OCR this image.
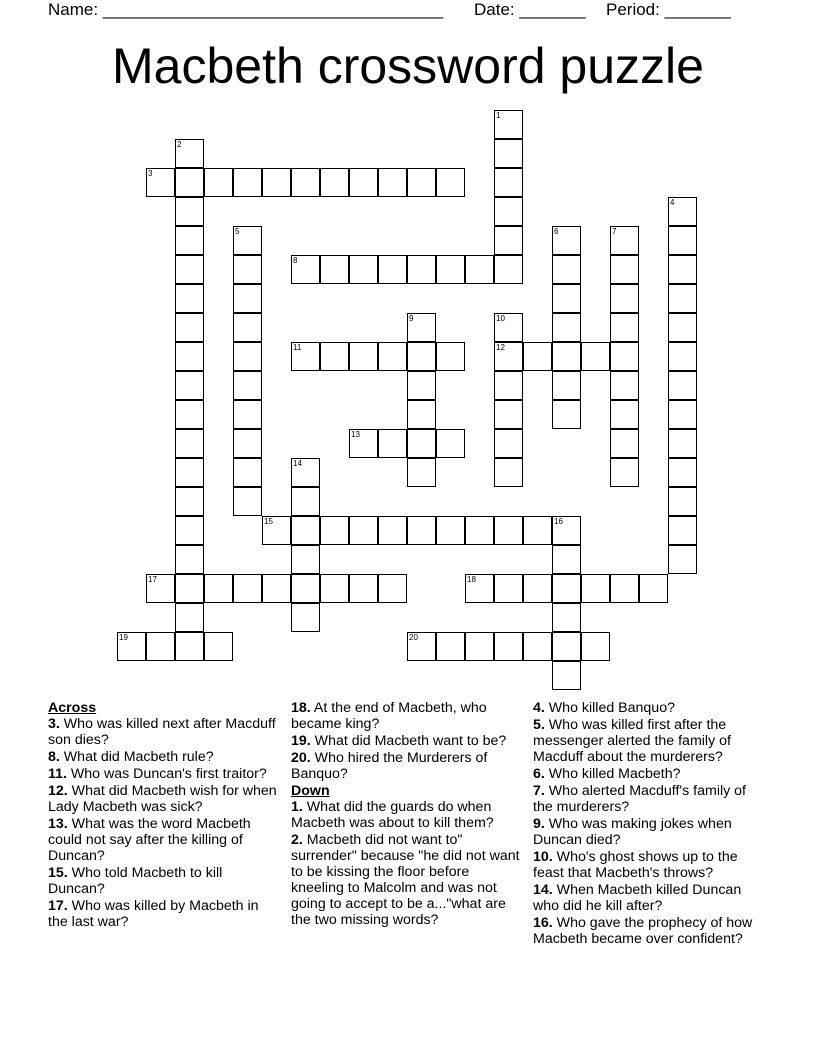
Name: ____________________________________ Date: _______ Period: _______
Macbeth crossword puzzle
1
2
3
4
5	6	7
8
9	10
12
11
13
14
15	16
17	18
19	20
Across
3. Who was killed next after Macduff son dies?
8. What did Macbeth rule?
11. Who was Duncan's first traitor?
12. What did Macbeth wish for when Lady Macbeth was sick?
13. What was the word Macbeth could not say after the killing of Duncan?
15. Who told Macbeth to kill Duncan?
17. Who was killed by Macbeth in the last war?
18. At the end of Macbeth, who became king?
19. What did Macbeth want to be?
20. Who hired the Murderers of Banquo?
Down
1. What did the guards do when Macbeth was about to kill them?
2. Macbeth did not want to" surrender" because "he did not want to be kissing the floor before kneeling to Malcolm and was not going to accept to be a..."what are the two missing words?
4. Who killed Banquo?
5. Who was killed first after the messenger alerted the family of Macduff about the murderers?
6. Who killed Macbeth?
7. Who alerted Macduff's family of the murderers?
9. Who was making jokes when Duncan died?
10. Who's ghost shows up to the feast that Macbeth's throws?
14. When Macbeth killed Duncan who did he kill after?
16. Who gave the prophecy of how Macbeth became over confident?
